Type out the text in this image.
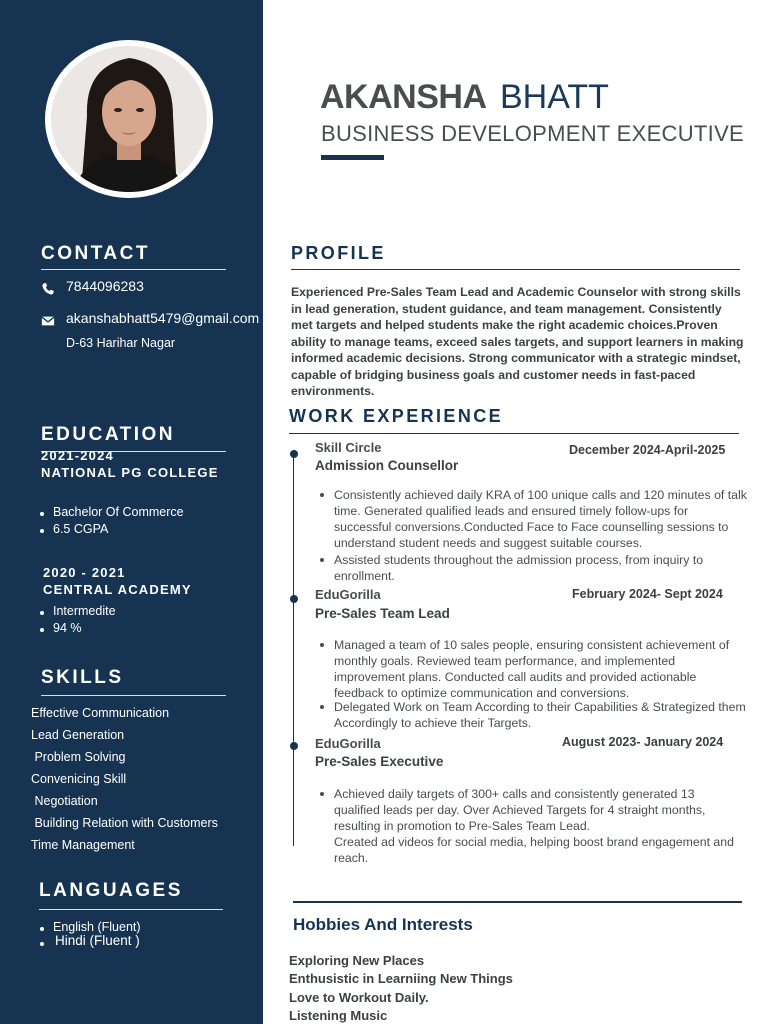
CONTACT
7844096283
akanshabhatt5479@gmail.com
D-63 Harihar Nagar
EDUCATION
2021-2024
NATIONAL PG COLLEGE
Bachelor Of Commerce
6.5 CGPA
2020 - 2021
CENTRAL ACADEMY
Intermedite
94 %
SKILLS
Effective Communication
Lead Generation
Problem Solving
Convenicing Skill
Negotiation
Building Relation with Customers
Time Management
LANGUAGES
English (Fluent)
Hindi (Fluent )
AKANSHA BHATT
BUSINESS DEVELOPMENT EXECUTIVE
PROFILE
Experienced Pre-Sales Team Lead and Academic Counselor with strong skills in lead generation, student guidance, and team management. Consistently met targets and helped students make the right academic choices.Proven ability to manage teams, exceed sales targets, and support learners in making informed academic decisions. Strong communicator with a strategic mindset, capable of bridging business goals and customer needs in fast-paced environments.
WORK EXPERIENCE
Skill Circle	December 2024-April-2025
Admission Counsellor
Consistently achieved daily KRA of 100 unique calls and 120 minutes of talk time. Generated qualified leads and ensured timely follow-ups for successful conversions.Conducted Face to Face counselling sessions to understand student needs and suggest suitable courses.
Assisted students throughout the admission process, from inquiry to enrollment.
EduGorilla	February 2024- Sept 2024
Pre-Sales Team Lead
Managed a team of 10 sales people, ensuring consistent achievement of monthly goals. Reviewed team performance, and implemented improvement plans. Conducted call audits and provided actionable feedback to optimize communication and conversions.
Delegated Work on Team According to their Capabilities & Strategized them Accordingly to achieve their Targets.
EduGorilla	August 2023- January 2024
Pre-Sales Executive
Achieved daily targets of 300+ calls and consistently generated 13 qualified leads per day. Over Achieved Targets for 4 straight months, resulting in promotion to Pre-Sales Team Lead.
Created ad videos for social media, helping boost brand engagement and reach.
Hobbies And Interests
Exploring New Places
Enthusistic in Learniing New Things
Love to Workout Daily.
Listening Music
